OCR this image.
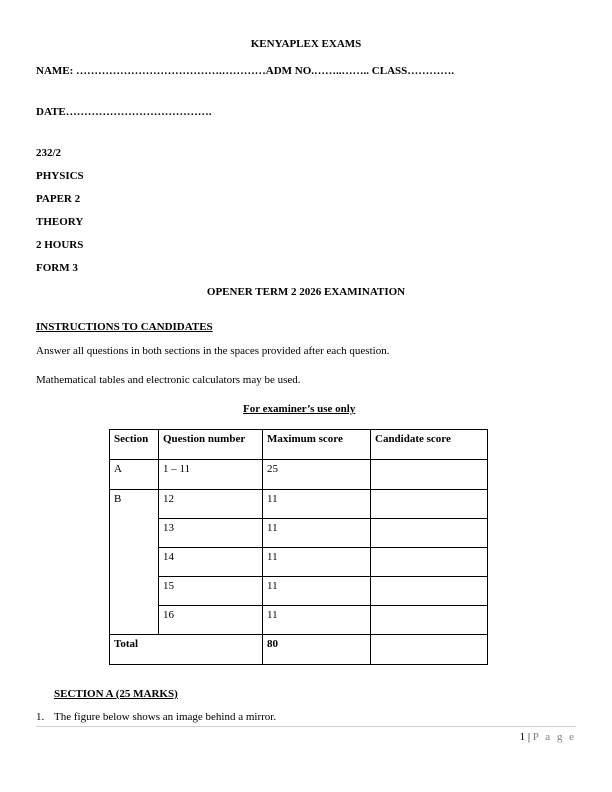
KENYAPLEX EXAMS
NAME: ………………………………….…………ADM NO.……..…….. CLASS………….
DATE………………………………….
232/2
PHYSICS
PAPER 2
THEORY
2 HOURS
FORM 3
OPENER TERM 2 2026 EXAMINATION
INSTRUCTIONS TO CANDIDATES
Answer all questions in both sections in the spaces provided after each question.
Mathematical tables and electronic calculators may be used.
For examiner’s use only
Section	Question number	Maximum score	Candidate score
A	1 – 11	25	
B	12	11	
	13	11	
	14	11	
	15	11	
	16	11	
Total		80	
SECTION A (25 MARKS)
1. The figure below shows an image behind a mirror.
1 | P a g e
